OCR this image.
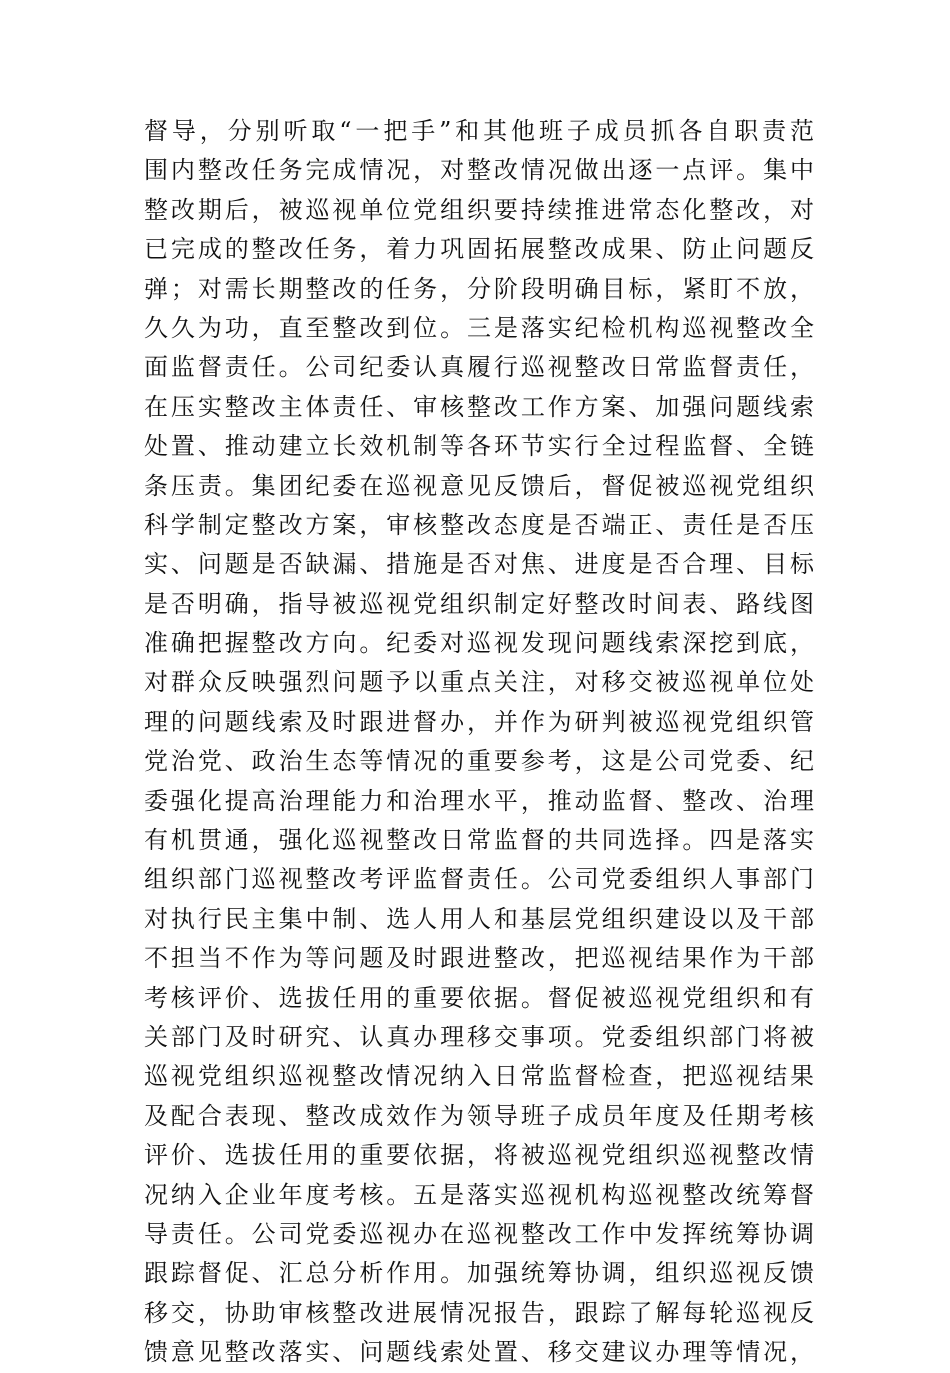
督导，分别听取“一把手”和其他班子成员抓各自职责范
围内整改任务完成情况，对整改情况做出逐一点评。集中
整改期后，被巡视单位党组织要持续推进常态化整改，对
已完成的整改任务，着力巩固拓展整改成果、防止问题反
弹；对需长期整改的任务，分阶段明确目标，紧盯不放，
久久为功，直至整改到位。三是落实纪检机构巡视整改全
面监督责任。公司纪委认真履行巡视整改日常监督责任，
在压实整改主体责任、审核整改工作方案、加强问题线索
处置、推动建立长效机制等各环节实行全过程监督、全链
条压责。集团纪委在巡视意见反馈后，督促被巡视党组织
科学制定整改方案，审核整改态度是否端正、责任是否压
实、问题是否缺漏、措施是否对焦、进度是否合理、目标
是否明确，指导被巡视党组织制定好整改时间表、路线图
准确把握整改方向。纪委对巡视发现问题线索深挖到底，
对群众反映强烈问题予以重点关注，对移交被巡视单位处
理的问题线索及时跟进督办，并作为研判被巡视党组织管
党治党、政治生态等情况的重要参考，这是公司党委、纪
委强化提高治理能力和治理水平，推动监督、整改、治理
有机贯通，强化巡视整改日常监督的共同选择。四是落实
组织部门巡视整改考评监督责任。公司党委组织人事部门
对执行民主集中制、选人用人和基层党组织建设以及干部
不担当不作为等问题及时跟进整改，把巡视结果作为干部
考核评价、选拔任用的重要依据。督促被巡视党组织和有
关部门及时研究、认真办理移交事项。党委组织部门将被
巡视党组织巡视整改情况纳入日常监督检查，把巡视结果
及配合表现、整改成效作为领导班子成员年度及任期考核
评价、选拔任用的重要依据，将被巡视党组织巡视整改情
况纳入企业年度考核。五是落实巡视机构巡视整改统筹督
导责任。公司党委巡视办在巡视整改工作中发挥统筹协调
跟踪督促、汇总分析作用。加强统筹协调，组织巡视反馈
移交，协助审核整改进展情况报告，跟踪了解每轮巡视反
馈意见整改落实、问题线索处置、移交建议办理等情况，
